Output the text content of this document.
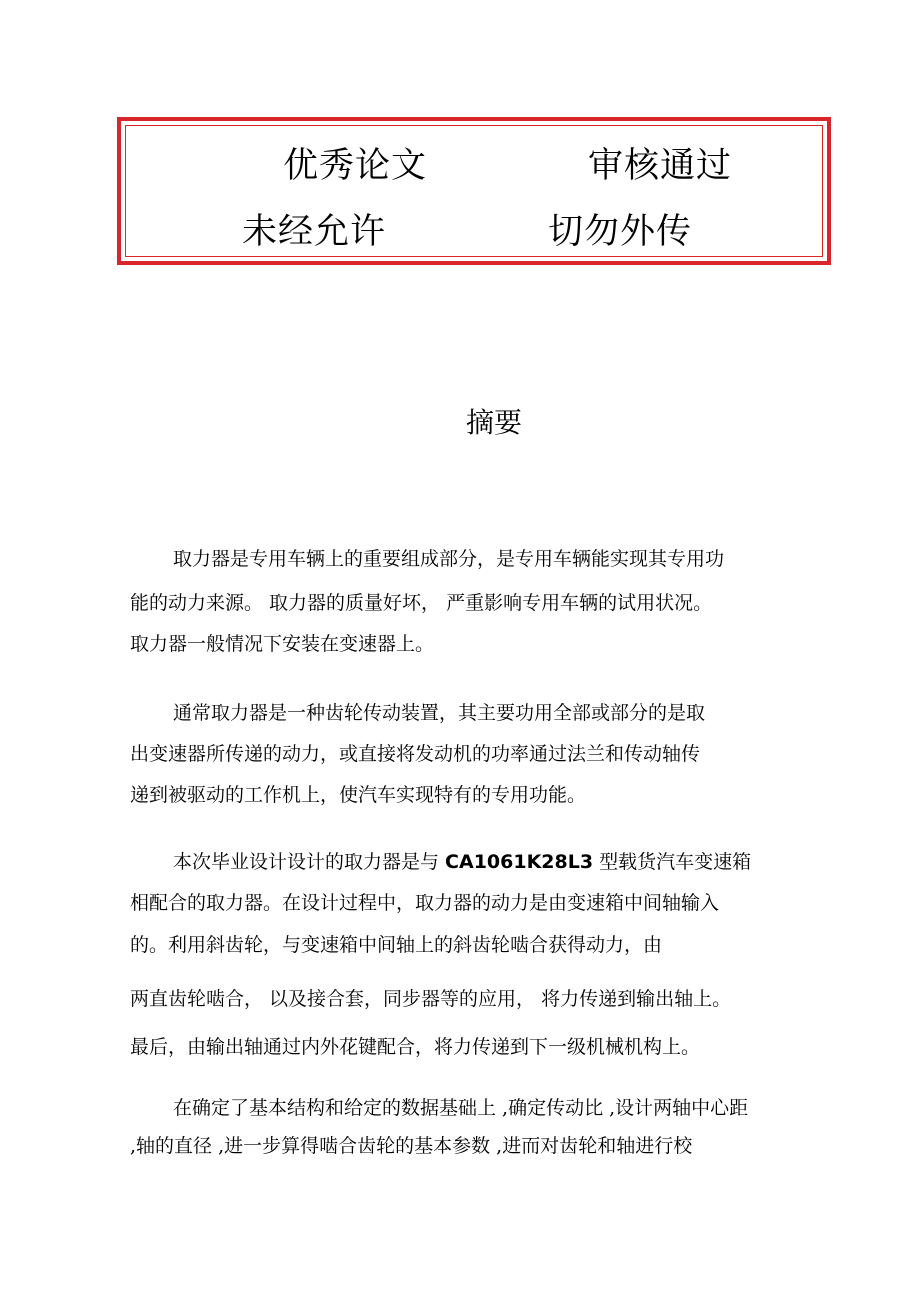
优秀论文	审核通过
未经允许	切勿外传
摘要
取力器是专用车辆上的重要组成部分，是专用车辆能实现其专用功
能的动力来源。 取力器的质量好坏， 严重影响专用车辆的试用状况。
取力器一般情况下安装在变速器上。
通常取力器是一种齿轮传动装置，其主要功用全部或部分的是取
出变速器所传递的动力，或直接将发动机的功率通过法兰和传动轴传
递到被驱动的工作机上，使汽车实现特有的专用功能。
本次毕业设计设计的取力器是与 CA1061K28L3 型载货汽车变速箱
相配合的取力器。在设计过程中，取力器的动力是由变速箱中间轴输入
的。利用斜齿轮，与变速箱中间轴上的斜齿轮啮合获得动力，由
两直齿轮啮合， 以及接合套，同步器等的应用， 将力传递到输出轴上。
最后，由输出轴通过内外花键配合，将力传递到下一级机械机构上。
在确定了基本结构和给定的数据基础上 ,确定传动比 ,设计两轴中心距
,轴的直径 ,进一步算得啮合齿轮的基本参数 ,进而对齿轮和轴进行校
